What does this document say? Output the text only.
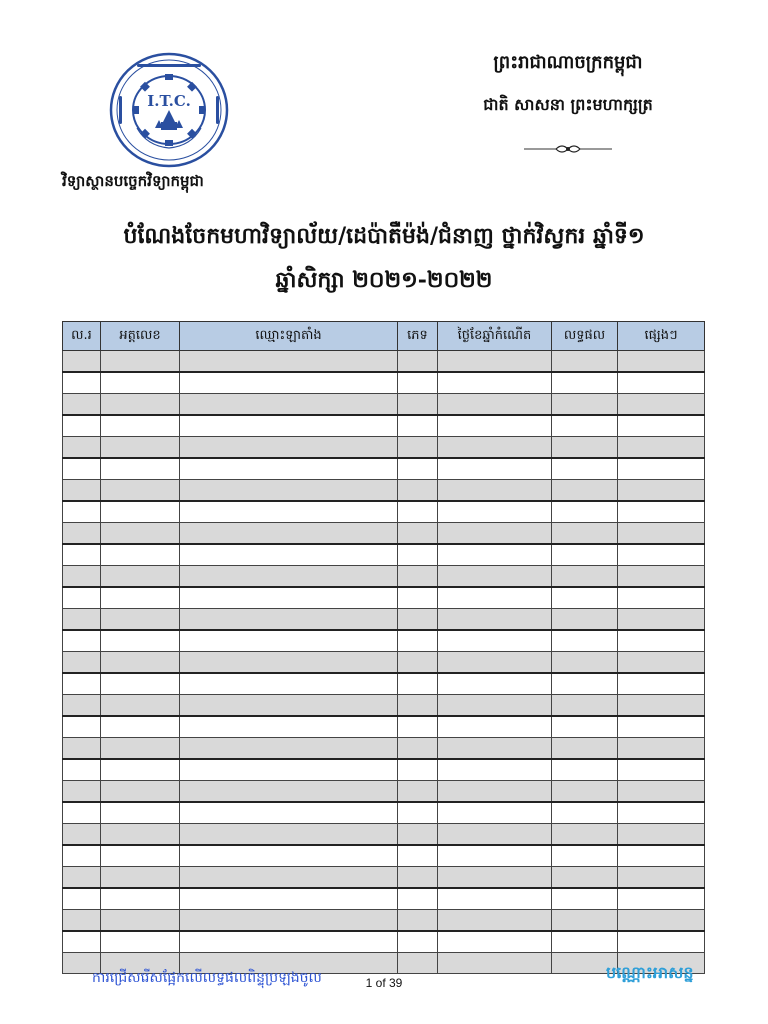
I.T.C.
វិទ្យាស្ថានបច្ចេកវិទ្យាកម្ពុជា
ព្រះរាជាណាចក្រកម្ពុជា
ជាតិ សាសនា ព្រះមហាក្សត្រ
បំណែងចែកមហាវិទ្យាល័យ/ដេប៉ាតឺម៉ង់/ជំនាញ ថ្នាក់វិស្វករ ឆ្នាំទី១
ឆ្នាំសិក្សា ២០២១-២០២២
ល.រ	អត្តលេខ	ឈ្មោះឡាតាំង	ភេទ	ថ្ងៃខែឆ្នាំកំណើត	លទ្ធផល	ផ្សេងៗ

ការជ្រើសរើសផ្អែកលើលទ្ធផលពិន្ទុប្រឡងចូល	1 of 39
បណ្ណោះអាសន្ន
